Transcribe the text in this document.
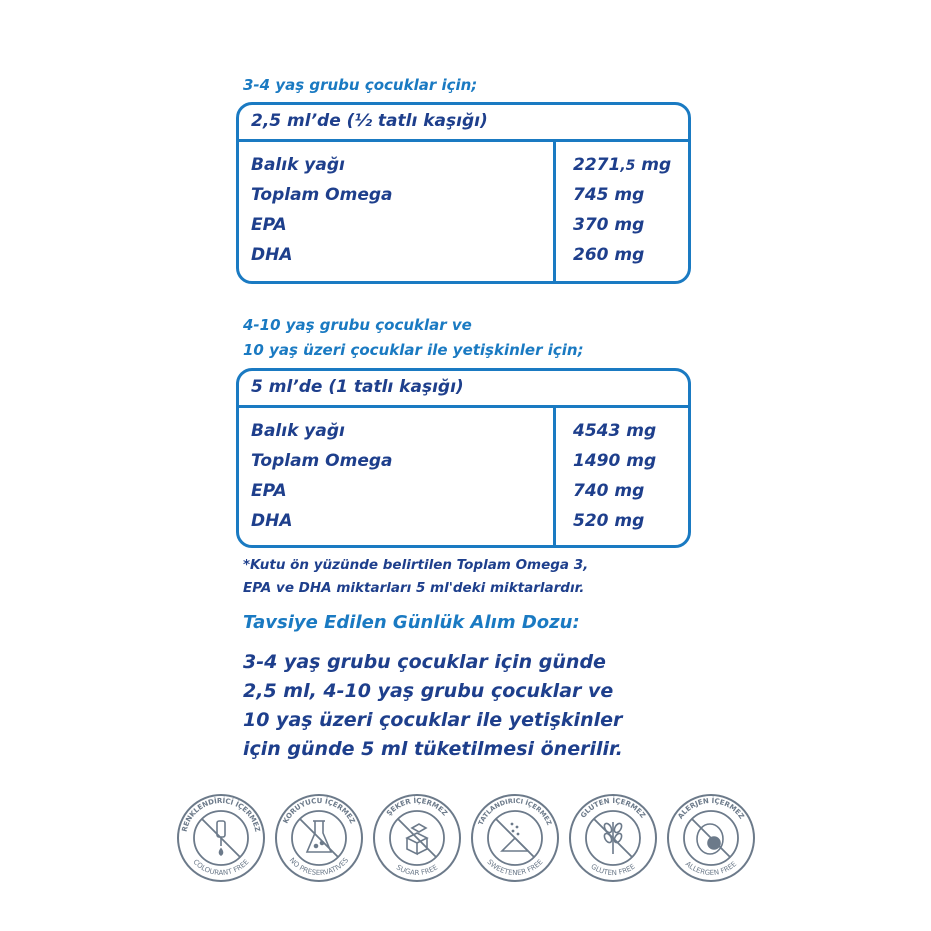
3-4 yaş grubu çocuklar için;
2,5 ml’de (½ tatlı kaşığı)
Balık yağı	2271,5 mg
Toplam Omega	745 mg
EPA	370 mg
DHA	260 mg
4-10 yaş grubu çocuklar ve
10 yaş üzeri çocuklar ile yetişkinler için;
5 ml’de (1 tatlı kaşığı)
Balık yağı	4543 mg
Toplam Omega	1490 mg
EPA	740 mg
DHA	520 mg
*Kutu ön yüzünde belirtilen Toplam Omega 3,
EPA ve DHA miktarları 5 ml'deki miktarlardır.
Tavsiye Edilen Günlük Alım Dozu:
3-4 yaş grubu çocuklar için günde
2,5 ml, 4-10 yaş grubu çocuklar ve
10 yaş üzeri çocuklar ile yetişkinler
için günde 5 ml tüketilmesi önerilir.
RENKLENDİRİCİ İÇERMEZ
COLOURANT FREE
KORUYUCU İÇERMEZ
NO PRESERVATIVES
ŞEKER İÇERMEZ
SUGAR FREE
TATLANDIRICI İÇERMEZ
SWEETENER FREE
GLUTEN İÇERMEZ
GLUTEN FREE
ALERJEN İÇERMEZ
ALLERGEN FREE
